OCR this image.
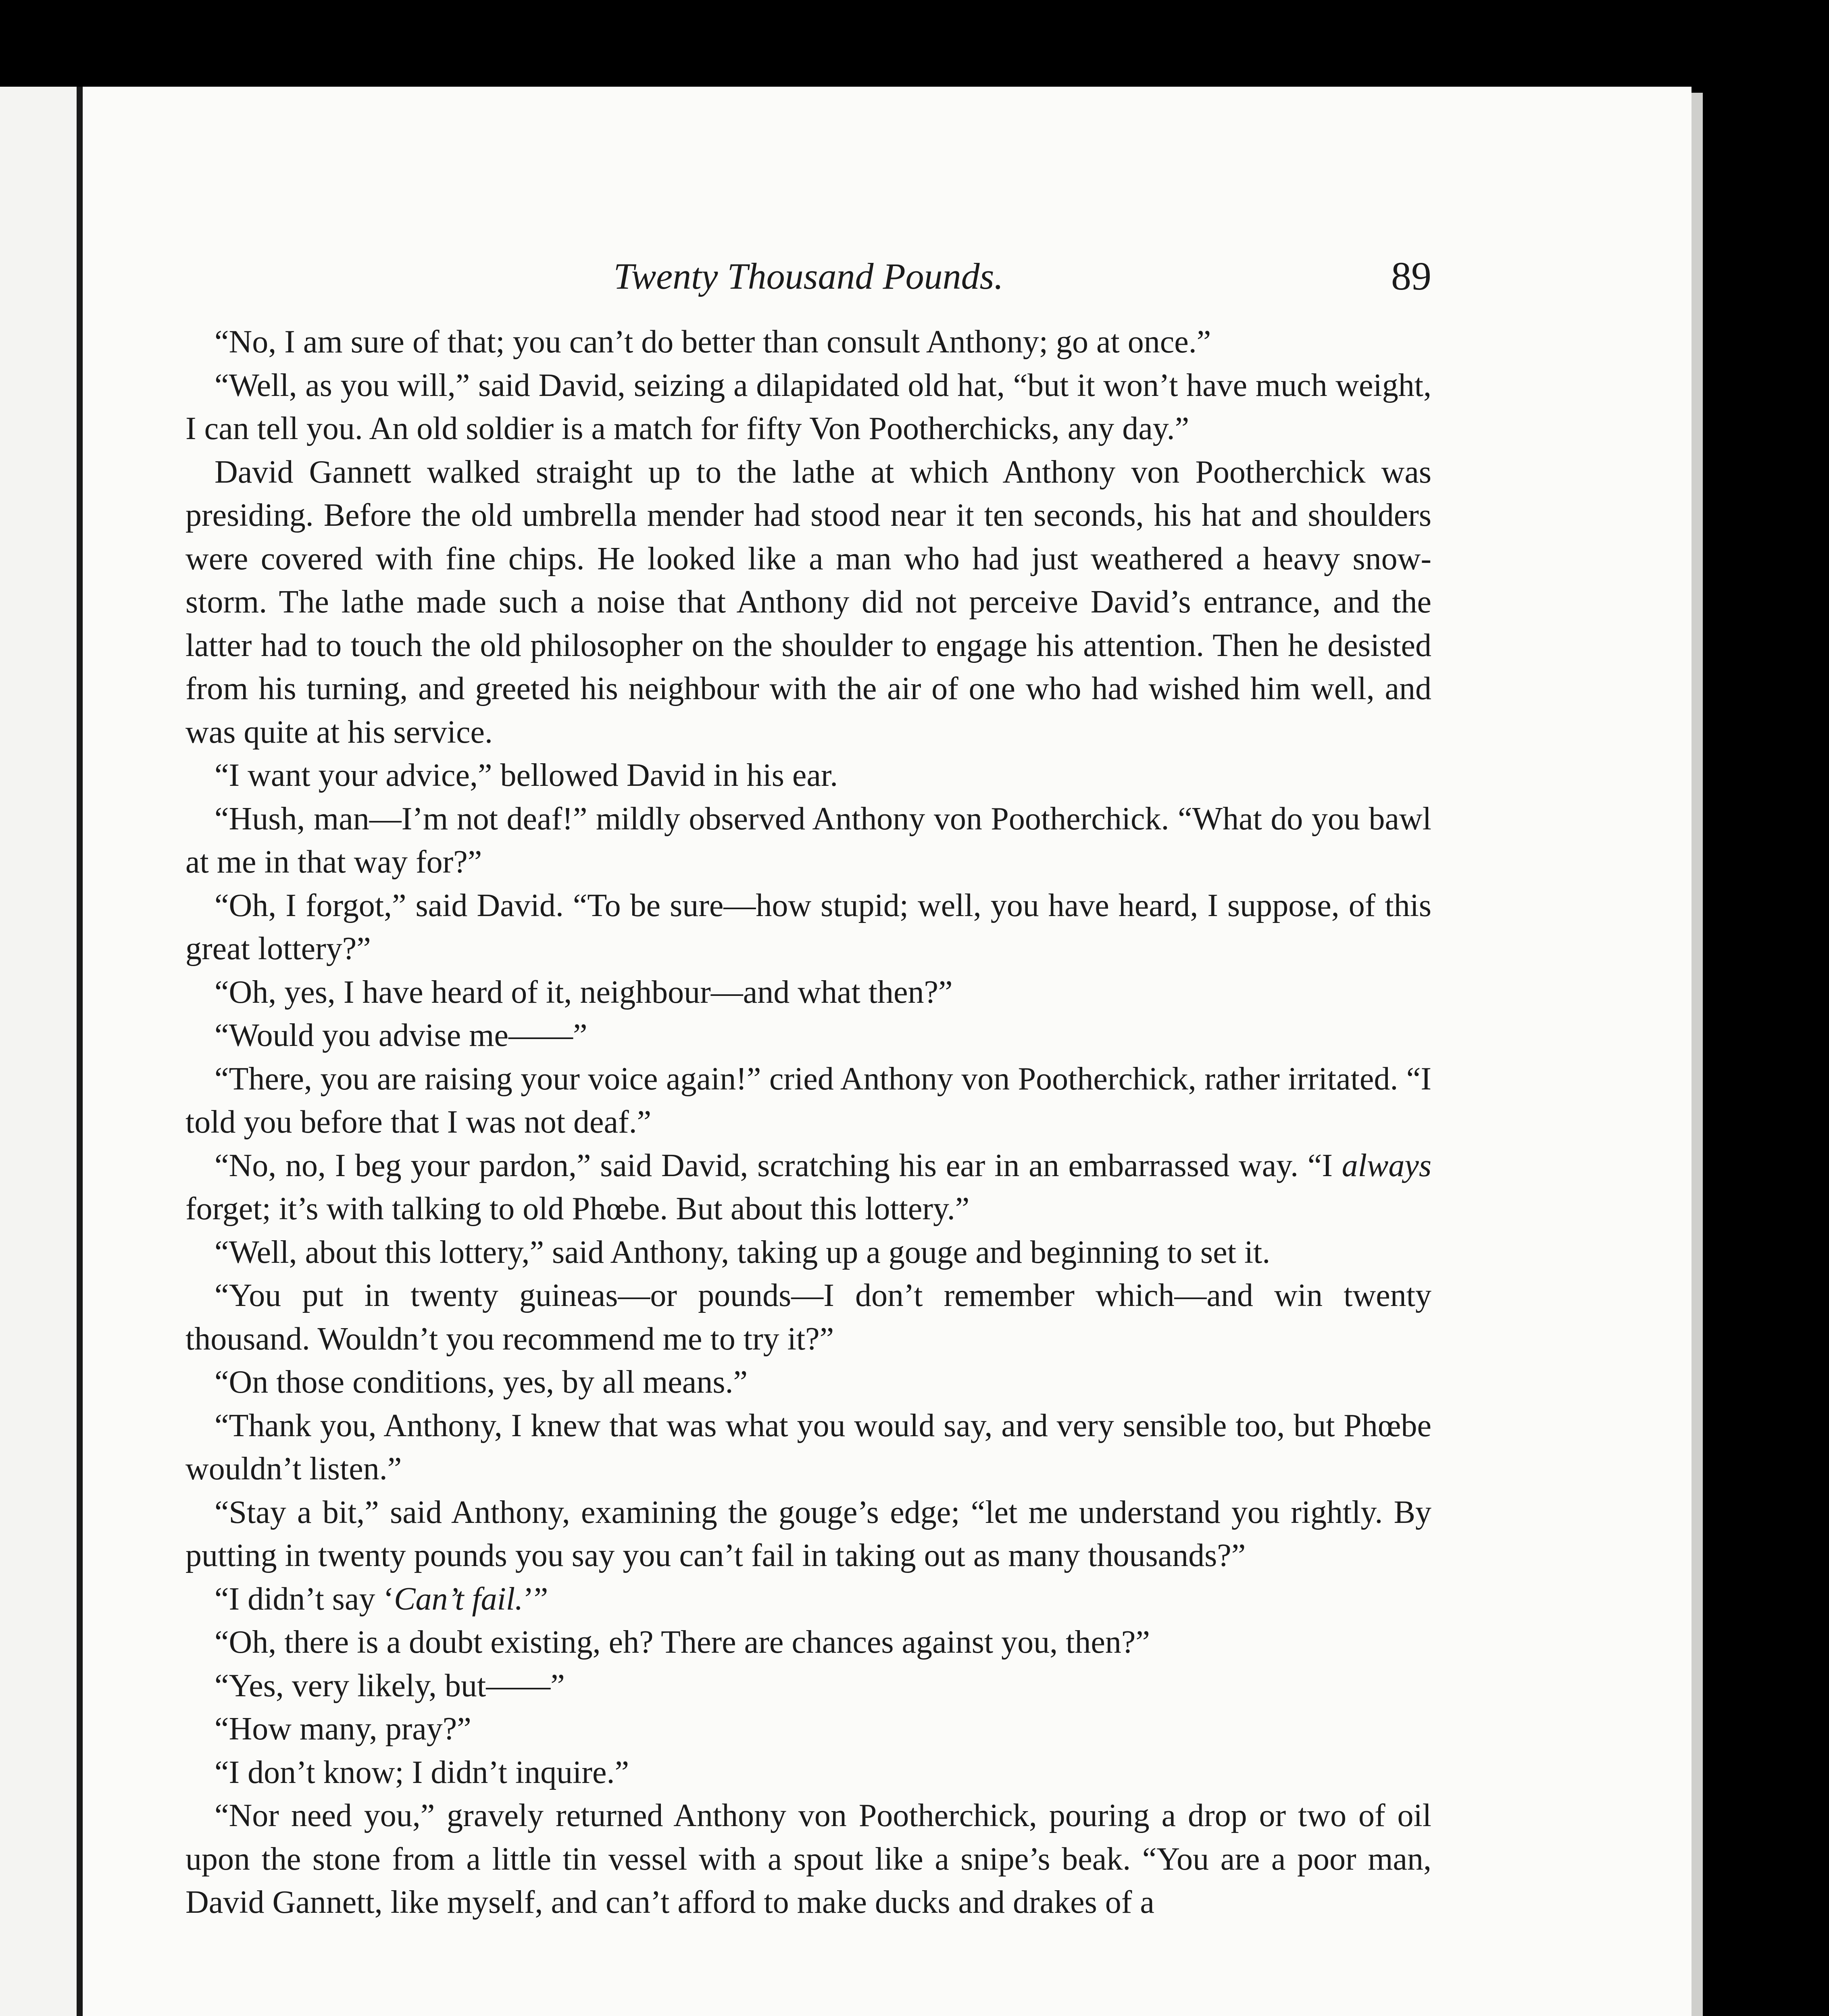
Twenty Thousand Pounds.	89

“No, I am sure of that; you can’t do better than consult Anthony; go at once.”

“Well, as you will,” said David, seizing a dilapidated old hat, “but it won’t have much weight, I can tell you. An old soldier is a match for fifty Von Pootherchicks, any day.”

David Gannett walked straight up to the lathe at which Anthony von Pootherchick was presiding. Before the old umbrella mender had stood near it ten seconds, his hat and shoulders were covered with fine chips. He looked like a man who had just weathered a heavy snow-storm. The lathe made such a noise that Anthony did not perceive David’s entrance, and the latter had to touch the old philosopher on the shoulder to engage his attention. Then he desisted from his turning, and greeted his neighbour with the air of one who had wished him well, and was quite at his service.

“I want your advice,” bellowed David in his ear.

“Hush, man—I’m not deaf!” mildly observed Anthony von Pootherchick. “What do you bawl at me in that way for?”

“Oh, I forgot,” said David. “To be sure—how stupid; well, you have heard, I suppose, of this great lottery?”

“Oh, yes, I have heard of it, neighbour—and what then?”

“Would you advise me——”

“There, you are raising your voice again!” cried Anthony von Pootherchick, rather irritated. “I told you before that I was not deaf.”

“No, no, I beg your pardon,” said David, scratching his ear in an embarrassed way. “I always forget; it’s with talking to old Phœbe. But about this lottery.”

“Well, about this lottery,” said Anthony, taking up a gouge and beginning to set it.

“You put in twenty guineas—or pounds—I don’t remember which—and win twenty thousand. Wouldn’t you recommend me to try it?”

“On those conditions, yes, by all means.”

“Thank you, Anthony, I knew that was what you would say, and very sensible too, but Phœbe wouldn’t listen.”

“Stay a bit,” said Anthony, examining the gouge’s edge; “let me understand you rightly. By putting in twenty pounds you say you can’t fail in taking out as many thousands?”

“I didn’t say ‘Can’t fail.’”

“Oh, there is a doubt existing, eh? There are chances against you, then?”

“Yes, very likely, but——”

“How many, pray?”

“I don’t know; I didn’t inquire.”

“Nor need you,” gravely returned Anthony von Pootherchick, pouring a drop or two of oil upon the stone from a little tin vessel with a spout like a snipe’s beak. “You are a poor man, David Gannett, like myself, and can’t afford to make ducks and drakes of a
